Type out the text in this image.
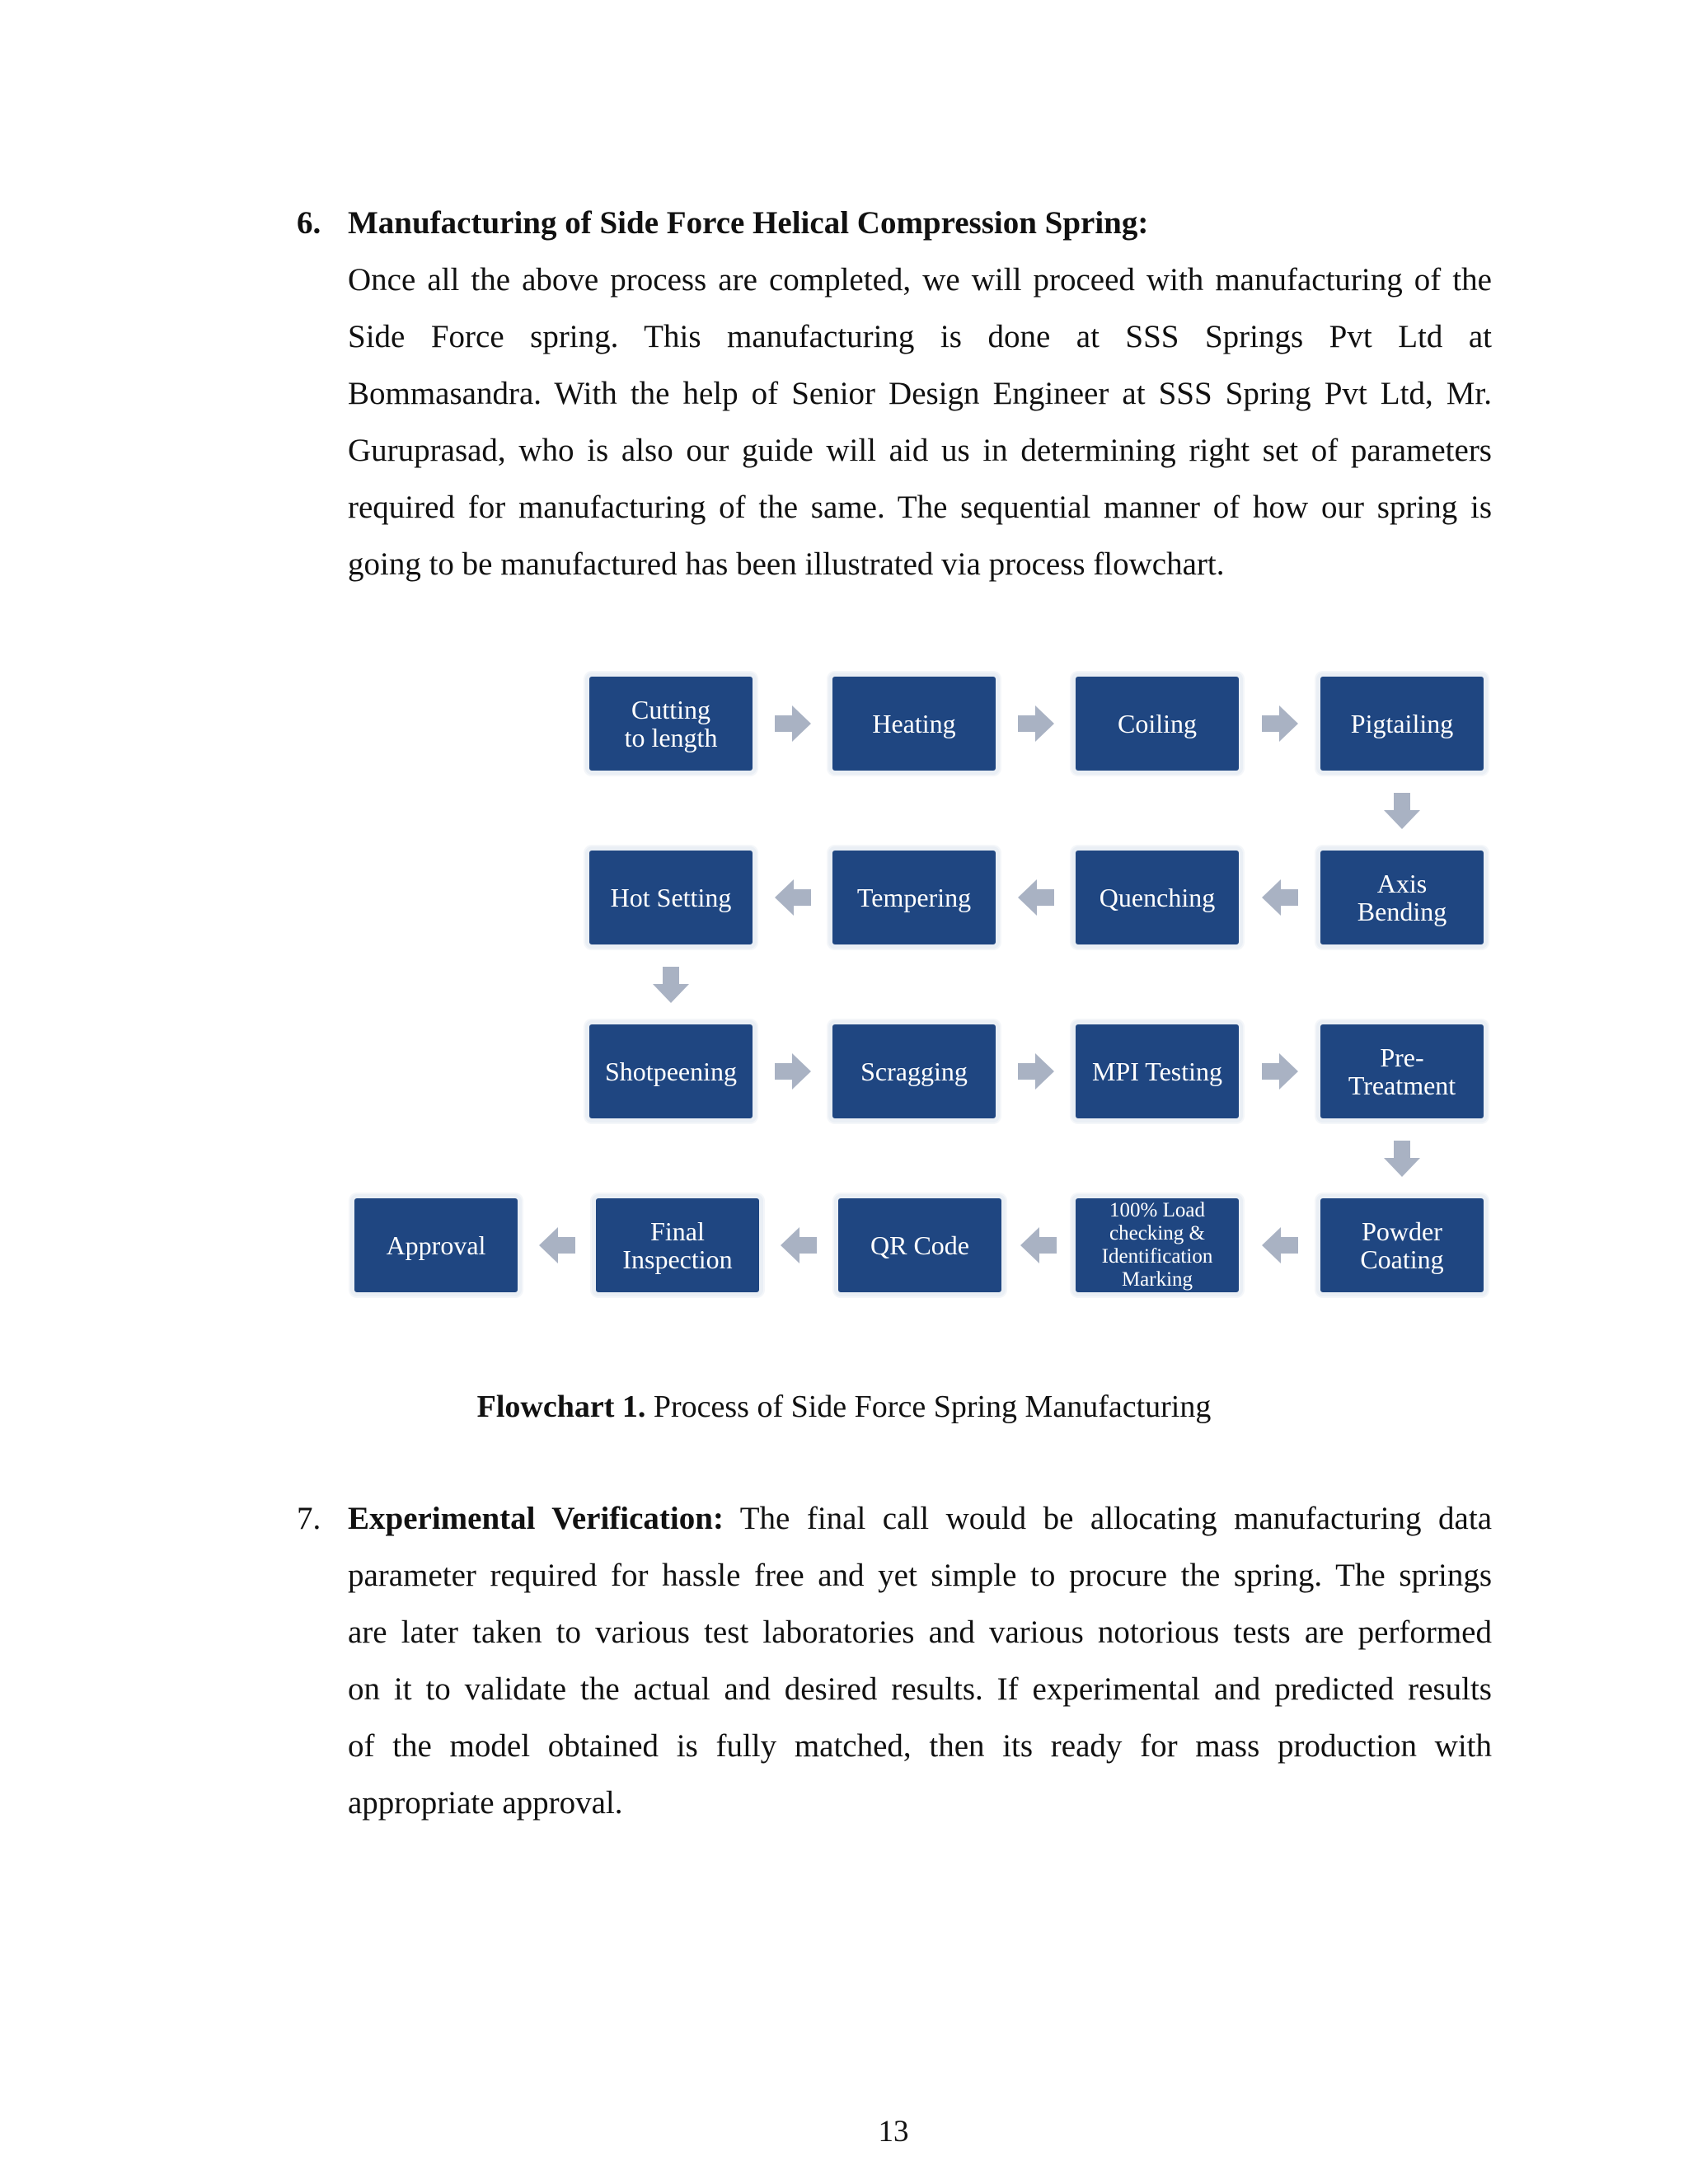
6. Manufacturing of Side Force Helical Compression Spring:
Once all the above process are completed, we will proceed with manufacturing of the
Side Force spring. This manufacturing is done at SSS Springs Pvt Ltd at
Bommasandra. With the help of Senior Design Engineer at SSS Spring Pvt Ltd, Mr.
Guruprasad, who is also our guide will aid us in determining right set of parameters
required for manufacturing of the same. The sequential manner of how our spring is
going to be manufactured has been illustrated via process flowchart.
Cutting
to length	Heating	Coiling	Pigtailing
Axis
Bending
Quenching
Tempering
Hot Setting
Shotpeening	Scragging	MPI Testing	Pre-
Treatment
Powder
Coating
100% Load
checking &
Identification
Marking
QR Code
Final
Inspection
Approval
Flowchart 1. Process of Side Force Spring Manufacturing
7. Experimental Verification: The final call would be allocating manufacturing data
parameter required for hassle free and yet simple to procure the spring. The springs
are later taken to various test laboratories and various notorious tests are performed
on it to validate the actual and desired results. If experimental and predicted results
of the model obtained is fully matched, then its ready for mass production with
appropriate approval.
13
